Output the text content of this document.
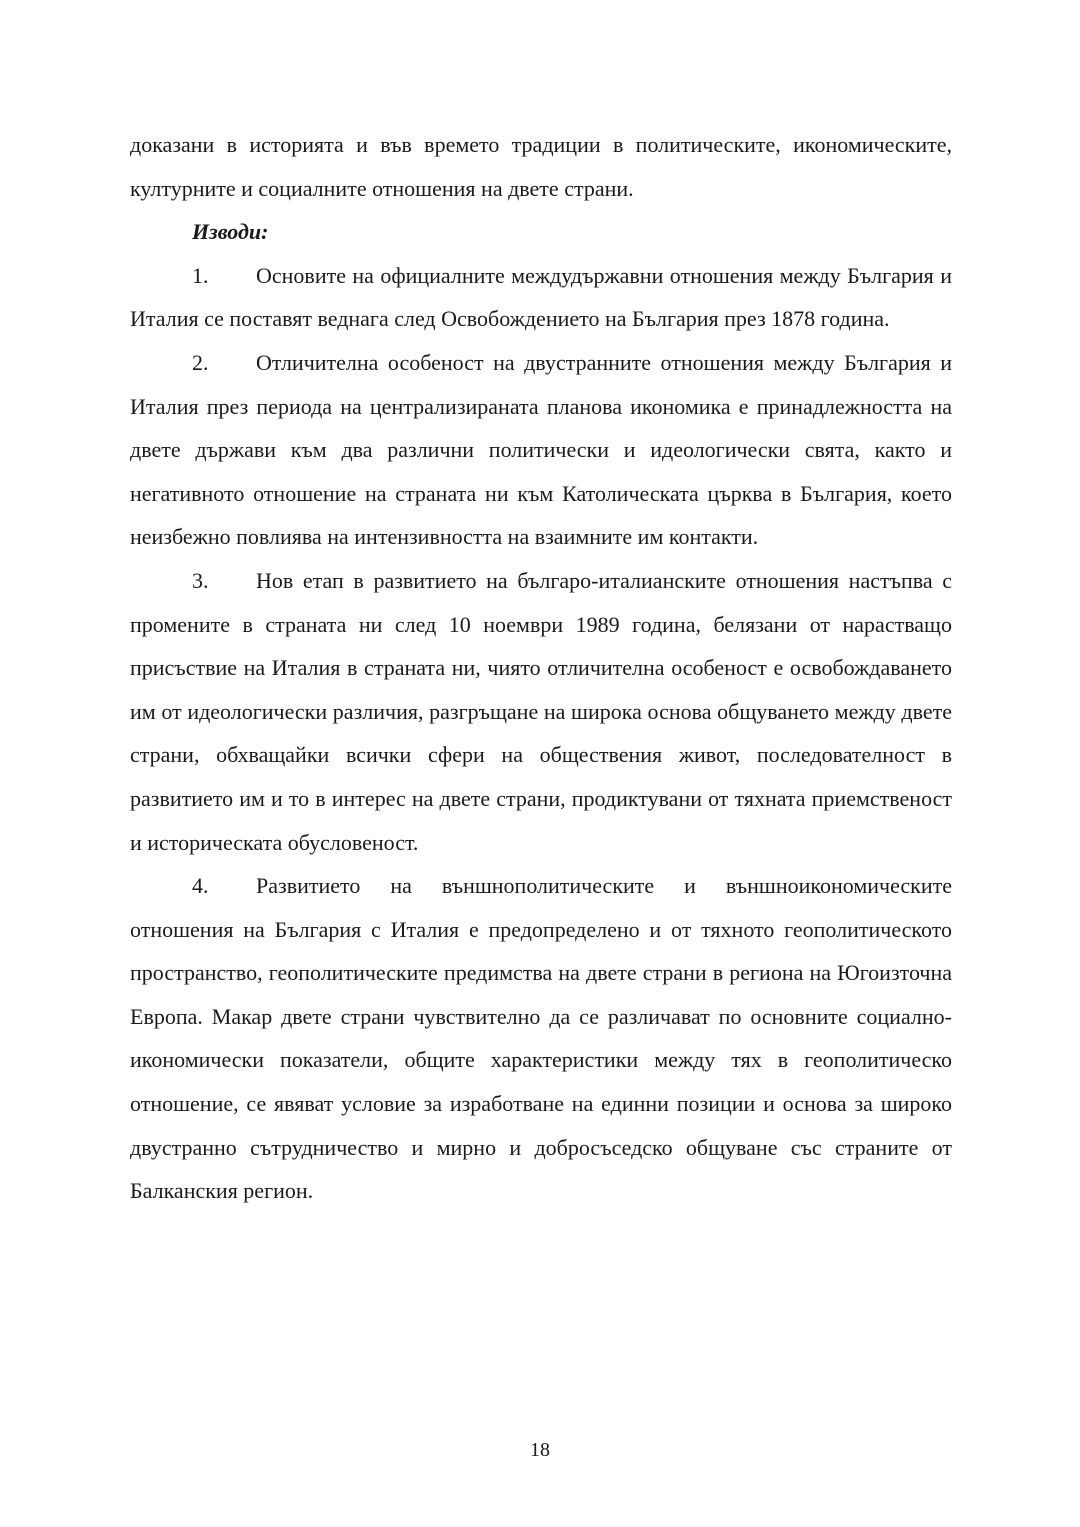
доказани в историята и във времето традиции в политическите, икономическите, културните и социалните отношения на двете страни.

Изводи:

1. Основите на официалните междудържавни отношения между България и Италия се поставят веднага след Освобождението на България през 1878 година.

2. Отличителна особеност на двустранните отношения между България и Италия през периода на централизираната планова икономика е принадлежността на двете държави към два различни политически и идеологически свята, както и негативното отношение на страната ни към Католическата църква в България, което неизбежно повлиява на интензивността на взаимните им контакти.

3. Нов етап в развитието на българо-италианските отношения настъпва с промените в страната ни след 10 ноември 1989 година, белязани от нарастващо присъствие на Италия в страната ни, чиято отличителна особеност е освобождаването им от идеологически различия, разгръщане на широка основа общуването между двете страни, обхващайки всички сфери на обществения живот, последователност в развитието им и то в интерес на двете страни, продиктувани от тяхната приемственост и историческата обусловеност.

4. Развитието на външнополитическите и външноикономическите отношения на България с Италия е предопределено и от тяхното геополитическото пространство, геополитическите предимства на двете страни в региона на Югоизточна Европа. Макар двете страни чувствително да се различават по основните социално-икономически показатели, общите характеристики между тях в геополитическо отношение, се явяват условие за изработване на единни позиции и основа за широко двустранно сътрудничество и мирно и добросъседско общуване със страните от Балканския регион.

18
